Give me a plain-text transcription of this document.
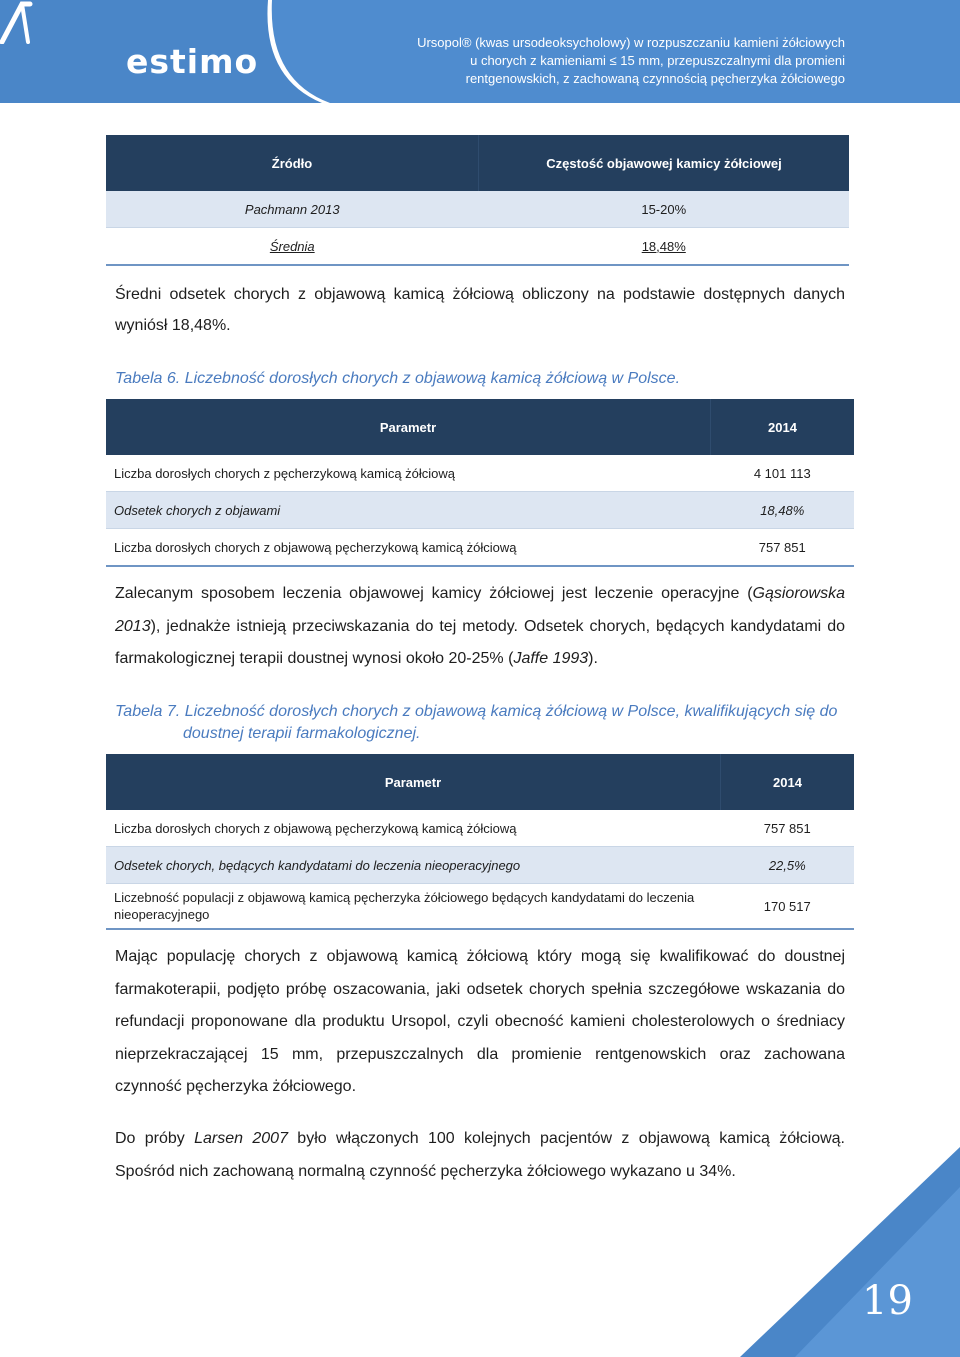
estimo	Ursopol® (kwas ursodeoksycholowy) w rozpuszczaniu kamieni żółciowych
u chorych z kamieniami ≤ 15 mm, przepuszczalnymi dla promieni
rentgenowskich, z zachowaną czynnością pęcherzyka żółciowego
Źródło	Częstość objawowej kamicy żółciowej
Pachmann 2013	15-20%
Średnia	18,48%
Średni odsetek chorych z objawową kamicą żółciową obliczony na podstawie dostępnych danych wyniósł 18,48%.
Tabela 6. Liczebność dorosłych chorych z objawową kamicą żółciową w Polsce.
Parametr	2014
Liczba dorosłych chorych z pęcherzykową kamicą żółciową	4 101 113
Odsetek chorych z objawami	18,48%
Liczba dorosłych chorych z objawową pęcherzykową kamicą żółciową	757 851
Zalecanym sposobem leczenia objawowej kamicy żółciowej jest leczenie operacyjne (Gąsiorowska 2013), jednakże istnieją przeciwskazania do tej metody. Odsetek chorych, będących kandydatami do farmakologicznej terapii doustnej wynosi około 20-25% (Jaffe 1993).
Tabela 7. Liczebność dorosłych chorych z objawową kamicą żółciową w Polsce, kwalifikujących się do
doustnej terapii farmakologicznej.
Parametr	2014
Liczba dorosłych chorych z objawową pęcherzykową kamicą żółciową	757 851
Odsetek chorych, będących kandydatami do leczenia nieoperacyjnego	22,5%
Liczebność populacji z objawową kamicą pęcherzyka żółciowego będących kandydatami do leczenia nieoperacyjnego	170 517
Mając populację chorych z objawową kamicą żółciową który mogą się kwalifikować do doustnej farmakoterapii, podjęto próbę oszacowania, jaki odsetek chorych spełnia szczegółowe wskazania do refundacji proponowane dla produktu Ursopol, czyli obecność kamieni cholesterolowych o średniacy nieprzekraczającej 15 mm, przepuszczalnych dla promienie rentgenowskich oraz zachowana czynność pęcherzyka żółciowego.
Do próby Larsen 2007 było włączonych 100 kolejnych pacjentów z objawową kamicą żółciową. Spośród nich zachowaną normalną czynność pęcherzyka żółciowego wykazano u 34%.
19
